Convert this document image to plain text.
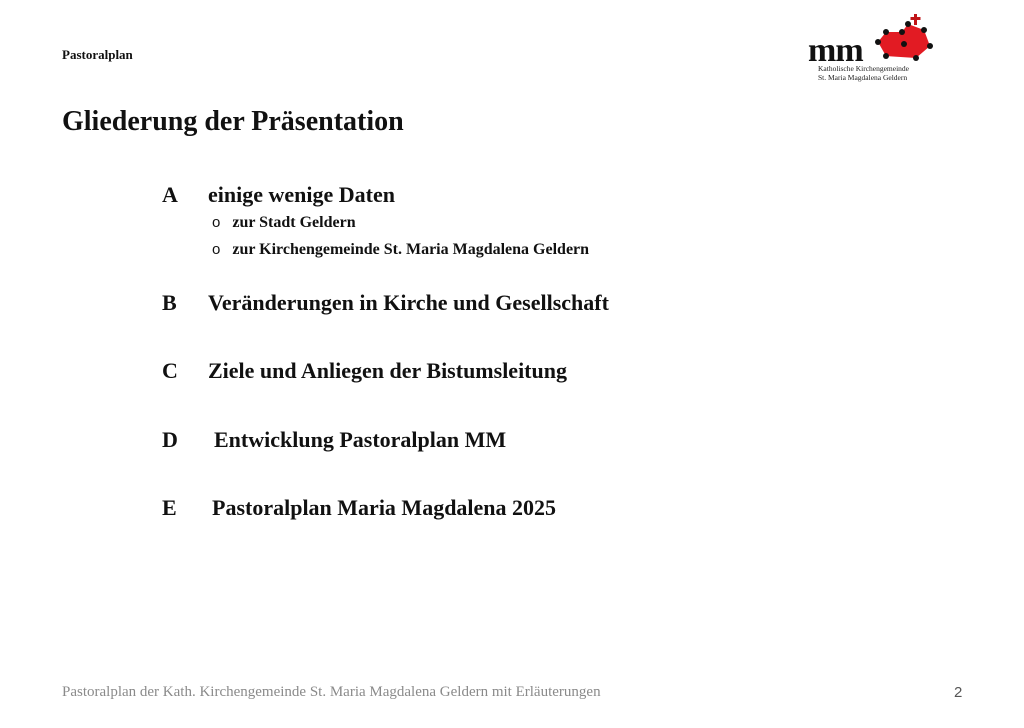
Pastoralplan	mm
Katholische Kirchengemeinde
St. Maria Magdalena Geldern
Gliederung der Präsentation
A einige wenige Daten
o zur Stadt Geldern
o zur Kirchengemeinde St. Maria Magdalena Geldern
B Veränderungen in Kirche und Gesellschaft
C Ziele und Anliegen der Bistumsleitung
D Entwicklung Pastoralplan MM
E Pastoralplan Maria Magdalena 2025
Pastoralplan der Kath. Kirchengemeinde St. Maria Magdalena Geldern mit Erläuterungen	2
